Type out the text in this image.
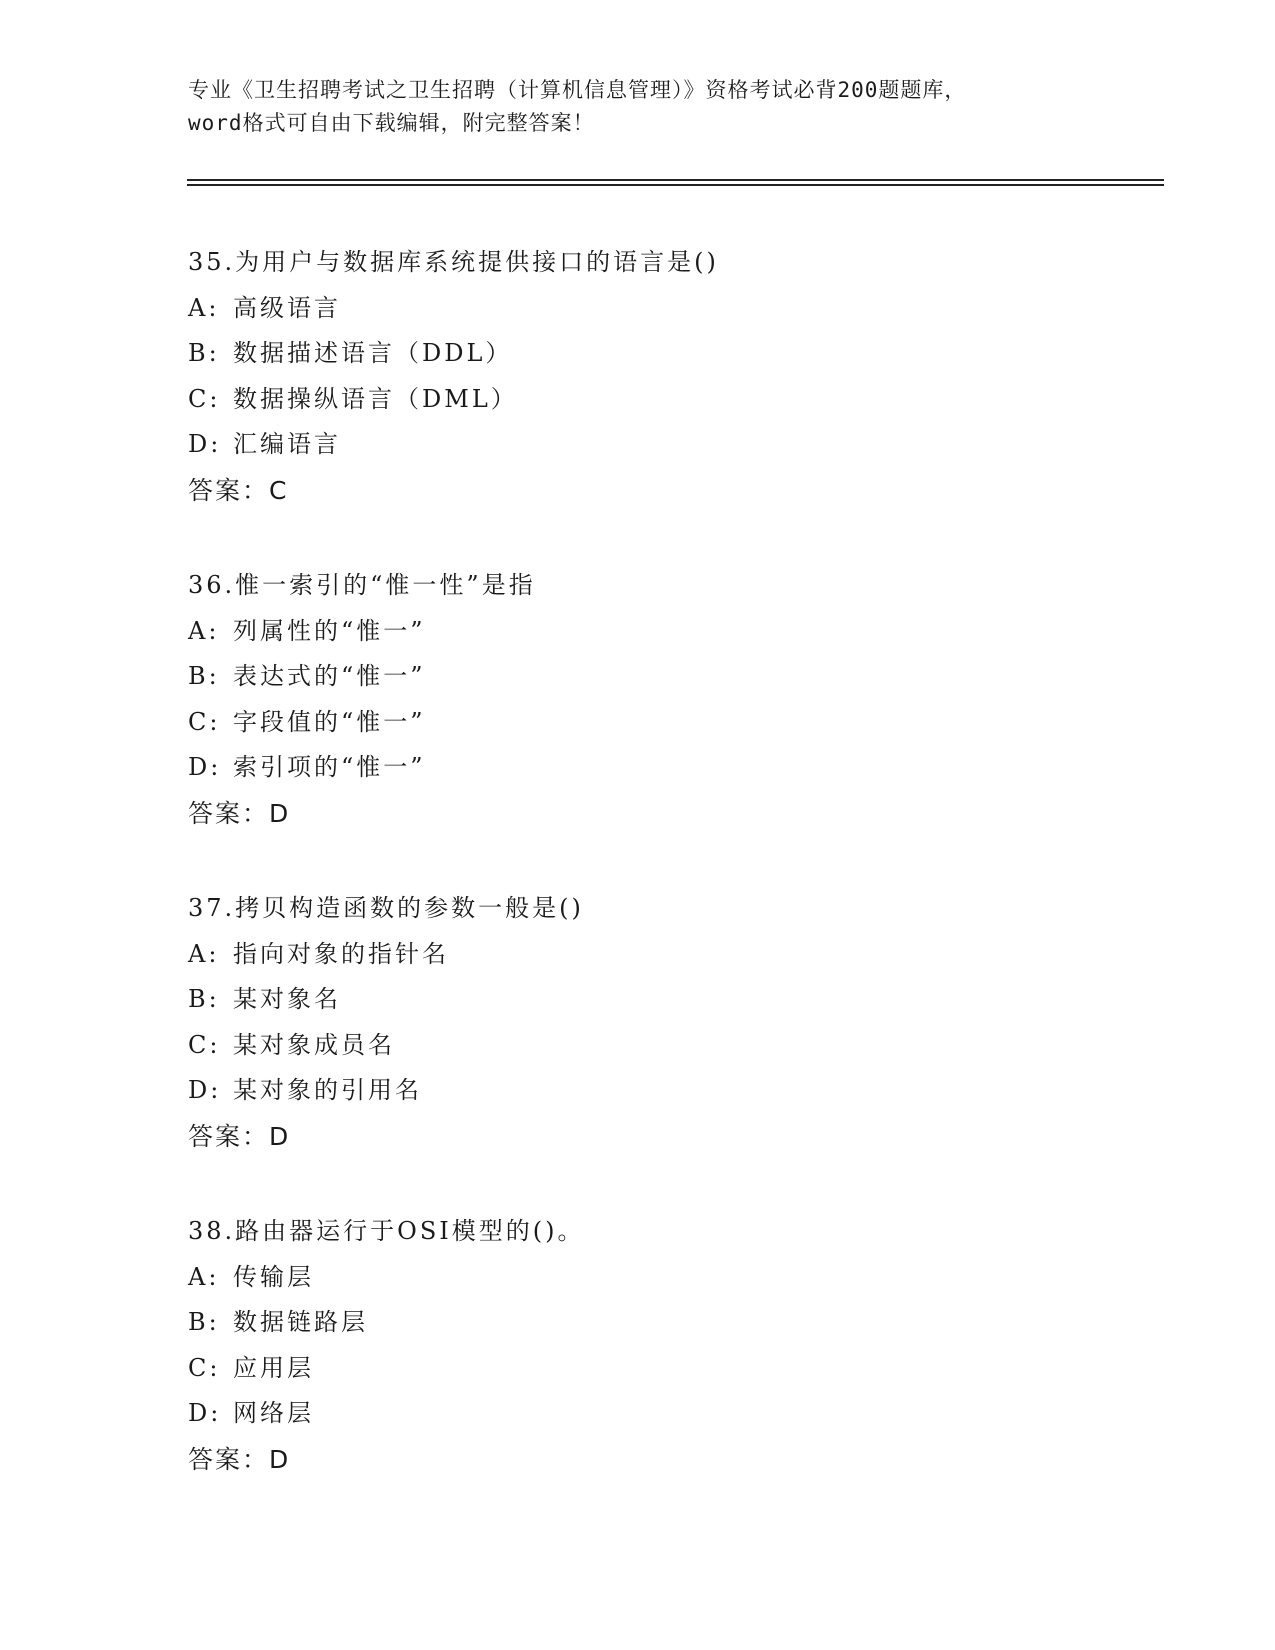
专业《卫生招聘考试之卫生招聘（计算机信息管理）》资格考试必背200题题库，
word格式可自由下载编辑，附完整答案！
35.为用户与数据库系统提供接口的语言是()
A: 高级语言
B: 数据描述语言（DDL）
C: 数据操纵语言（DML）
D: 汇编语言
答案：C
36.惟一索引的“惟一性”是指
A: 列属性的“惟一”
B: 表达式的“惟一”
C: 字段值的“惟一”
D: 索引项的“惟一”
答案：D
37.拷贝构造函数的参数一般是()
A: 指向对象的指针名
B: 某对象名
C: 某对象成员名
D: 某对象的引用名
答案：D
38.路由器运行于OSI模型的()。
A: 传输层
B: 数据链路层
C: 应用层
D: 网络层
答案：D
